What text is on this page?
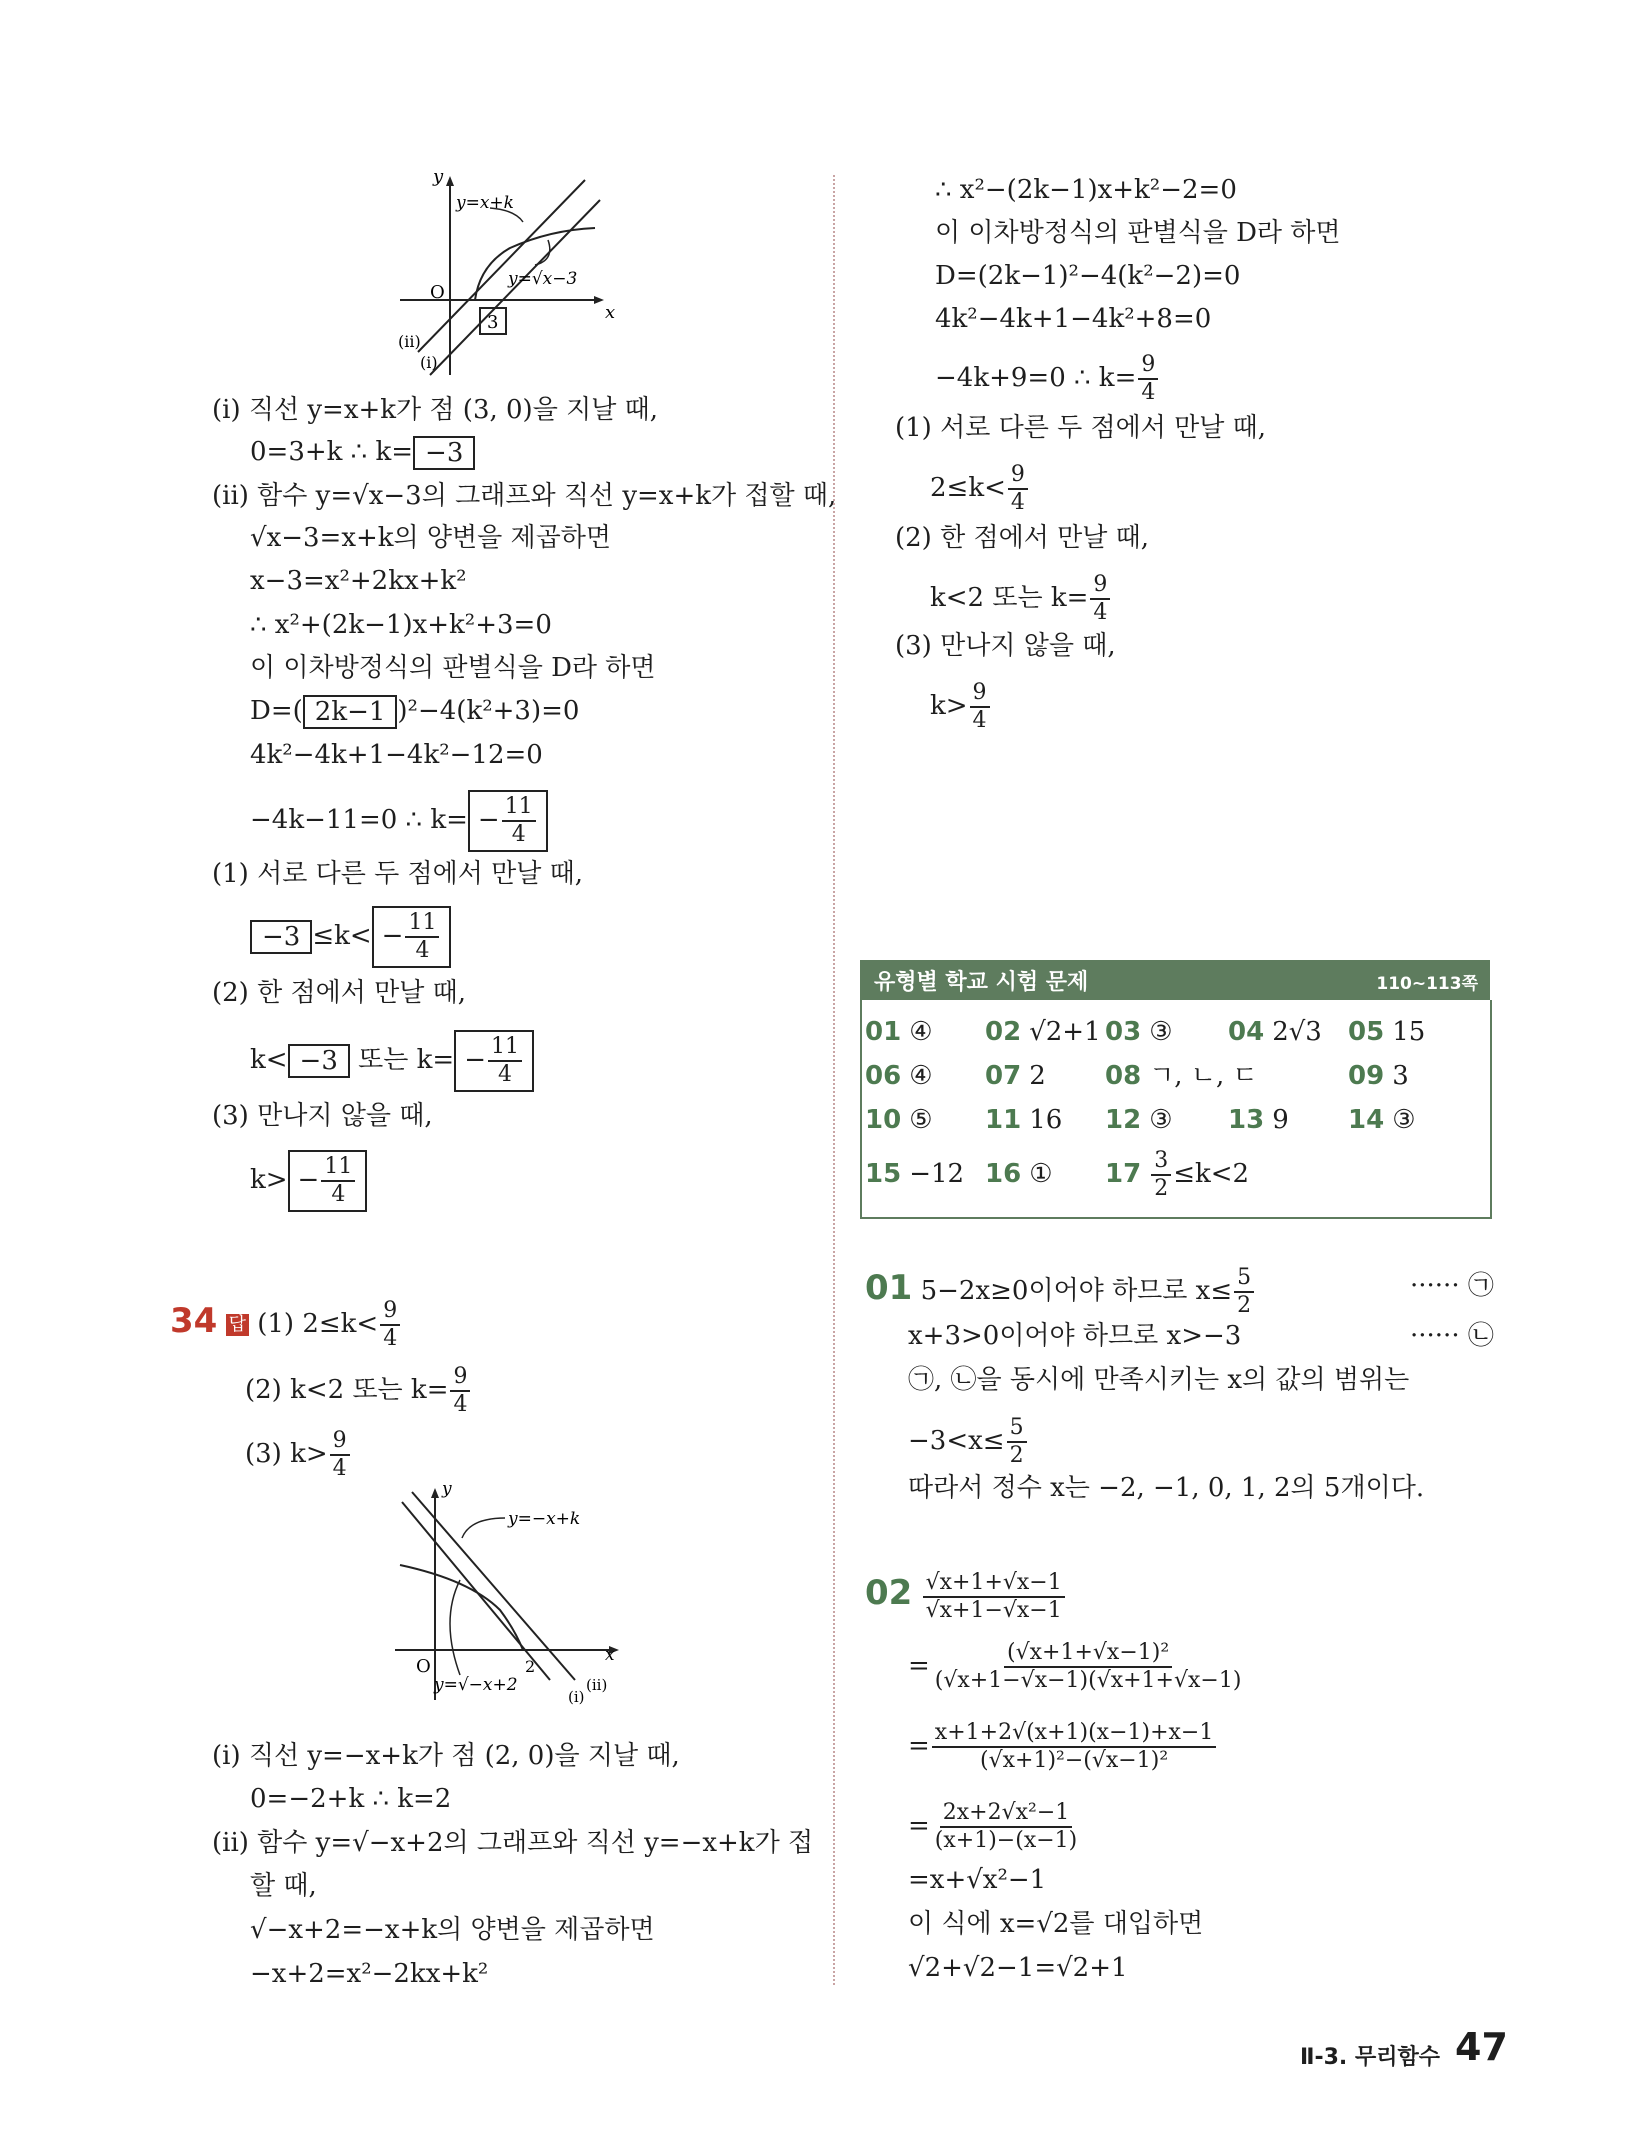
y
x
O
y=x+k
y=√x−3
3
(ii)
(i)
(i) 직선 y=x+k가 점 (3, 0)을 지날 때,
0=3+k ∴ k= −3
(ii) 함수 y=√x−3의 그래프와 직선 y=x+k가 접할 때,
√x−3=x+k의 양변을 제곱하면
x−3=x²+2kx+k²
∴ x²+(2k−1)x+k²+3=0
이 이차방정식의 판별식을 D라 하면
D=( 2k−1 )²−4(k²+3)=0
4k²−4k+1−4k²−12=0
−4k−11=0 ∴ $k= - \frac{11}{4}$
(1) 서로 다른 두 점에서 만날 때,
$-3 \le k< - \frac{11}{4}$
(2) 한 점에서 만날 때,
k< −3 또는 $k= - \frac{11}{4}$
(3) 만나지 않을 때,
$k> - \frac{11}{4}$
34 답 (1) $2\le k< \frac{9}{4}$
(2) k<2 또는 $k= \frac{9}{4}$
(3) $k> \frac{9}{4}$
y
x
O	2
y=−x+k
y=√−x+2	(ii)
(i)
(i) 직선 y=−x+k가 점 (2, 0)을 지날 때,
0=−2+k ∴ k=2
(ii) 함수 y=√−x+2의 그래프와 직선 y=−x+k가 접
할 때,
√−x+2=−x+k의 양변을 제곱하면
−x+2=x²−2kx+k²
∴ x²−(2k−1)x+k²−2=0
이 이차방정식의 판별식을 D라 하면
D=(2k−1)²−4(k²−2)=0
4k²−4k+1−4k²+8=0
−4k+9=0 ∴ $k= \frac{9}{4}$
(1) 서로 다른 두 점에서 만날 때,
$2\le k< \frac{9}{4}$
(2) 한 점에서 만날 때,
k<2 또는 $k= \frac{9}{4}$
(3) 만나지 않을 때,
$k> \frac{9}{4}$
유형별 학교 시험 문제	110~113쪽
01 ④ 02 √2+1 03 ③ 04 2√3 05 15
06 ④ 07 2 08 ㄱ, ㄴ, ㄷ	09 3
10 ⑤ 11 16 12 ③ 13 9 14 ③
15 −12 16 ① $17 \frac{3}{2} \le k<2$
01 5−2x≥0이어야 하므로 $x\le \frac{5}{2}$	······ ㉠
x+3>0이어야 하므로 x>−3	······ ㉡
㉠, ㉡을 동시에 만족시키는 x의 값의 범위는
$-3<x\le \frac{5}{2}$
따라서 정수 x는 −2, −1, 0, 1, 2의 5개이다.
$02 \frac{√x+1+√x-1}{√x+1-√x-1}$
= $\frac{\text{(√x+1+√x−1)²}}{(√x+1-√x-1)(√x+1+√x-1)}$
= $\frac{x+1+2√(x+1)(x-1)+x-1}{\text{(√x+1)²−(√x−1)²}}$
= $\frac{\text{2x+2√x²−1}}{(x+1)-(x-1)}$
=x+√x²−1
이 식에 x=√2를 대입하면
√2+√2−1=√2+1
Ⅱ-3. 무리함수 47
